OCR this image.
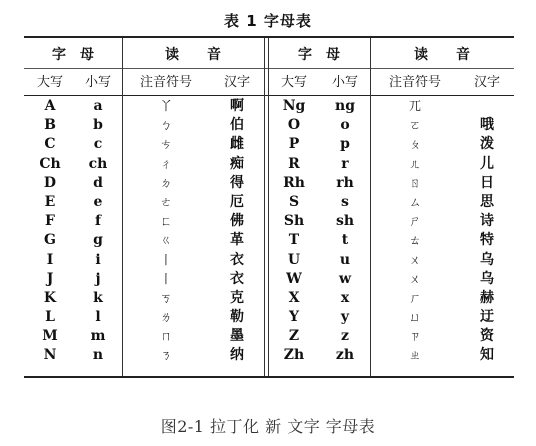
表 1 字母表
字　母	读　　音	字　母	读　　音
大写	小写	注音符号	汉字	大写	小写	注音符号	汉字
A	a	丫	啊	Ng	ng	兀
B	b	ㄅ	伯	O	o	ㄛ	哦
C	c	ㄘ	雌	P	p	ㄆ	泼
Ch	ch	ㄔ	痴	R	r	ㄦ	儿
D	d	ㄉ	得	Rh	rh	ㄖ	日
E	e	ㄜ	厄	S	s	ㄙ	思
F	f	ㄈ	佛	Sh	sh	ㄕ	诗
G	g	ㄍ	革	T	t	ㄊ	特
I	i	丨	衣	U	u	ㄨ	乌
J	j	丨	衣	W	w	ㄨ	乌
K	k	ㄎ	克	X	x	ㄏ	赫
L	l	ㄌ	勒	Y	y	ㄩ	迂
M	m	ㄇ	墨	Z	z	ㄗ	资
N	n	ㄋ	纳	Zh	zh	ㄓ	知
图2-1 拉丁化 新 文字 字母表
